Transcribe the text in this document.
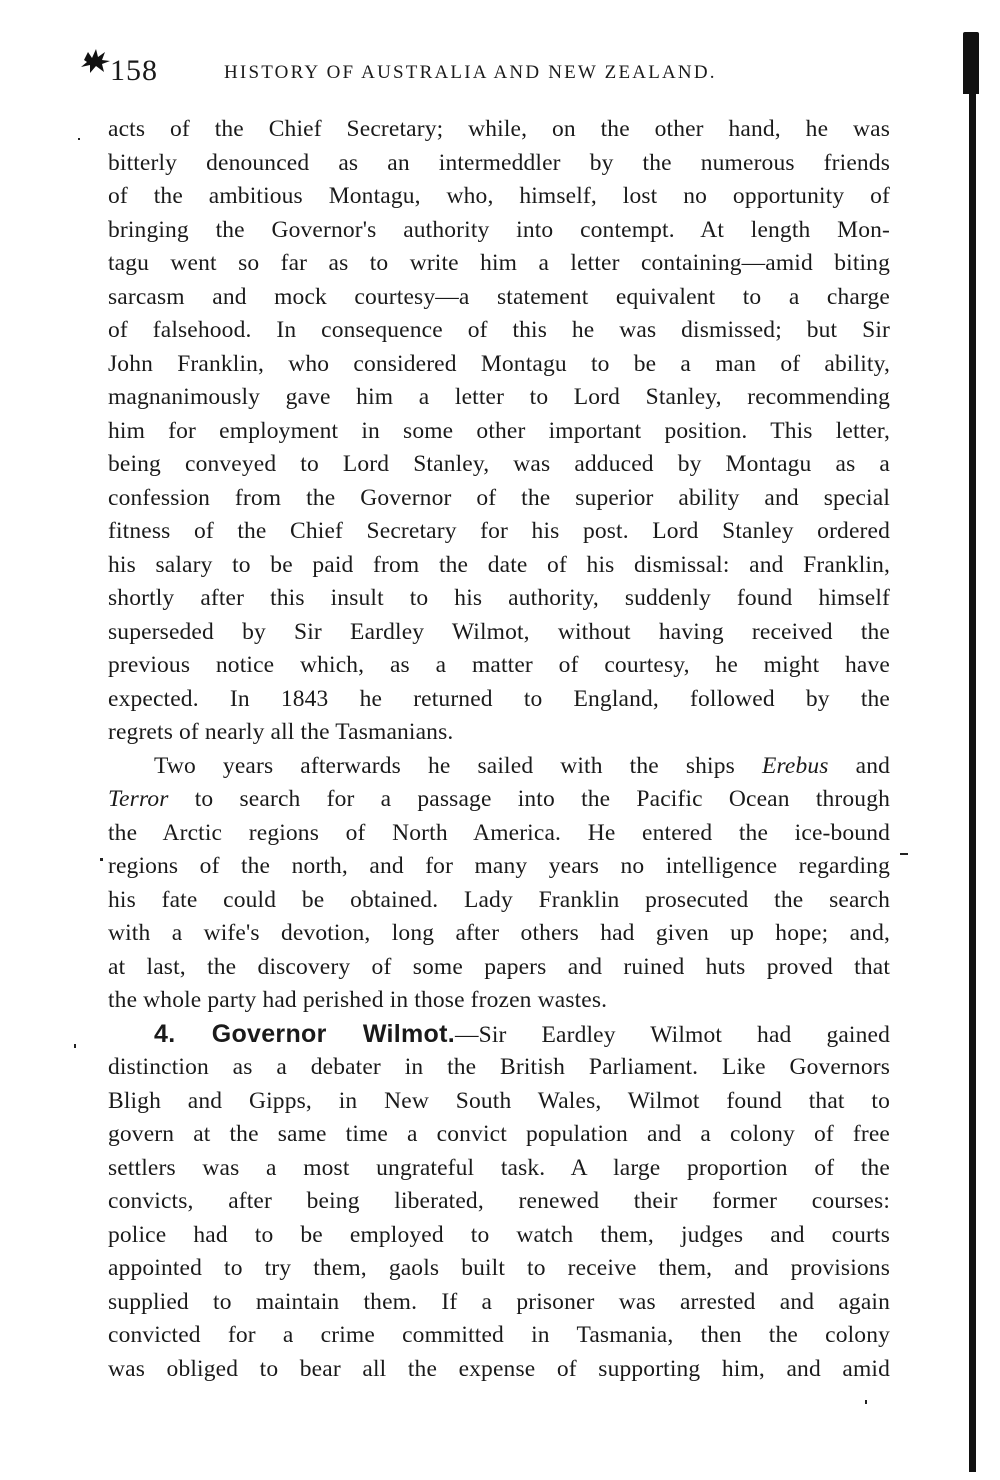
158	HISTORY OF AUSTRALIA AND NEW ZEALAND.
acts of the Chief Secretary; while, on the other hand, he was
bitterly denounced as an intermeddler by the numerous friends
of the ambitious Montagu, who, himself, lost no opportunity of
bringing the Governor's authority into contempt. At length Mon-
tagu went so far as to write him a letter containing—amid biting
sarcasm and mock courtesy—a statement equivalent to a charge
of falsehood. In consequence of this he was dismissed; but Sir
John Franklin, who considered Montagu to be a man of ability,
magnanimously gave him a letter to Lord Stanley, recommending
him for employment in some other important position. This letter,
being conveyed to Lord Stanley, was adduced by Montagu as a
confession from the Governor of the superior ability and special
fitness of the Chief Secretary for his post. Lord Stanley ordered
his salary to be paid from the date of his dismissal: and Franklin,
shortly after this insult to his authority, suddenly found himself
superseded by Sir Eardley Wilmot, without having received the
previous notice which, as a matter of courtesy, he might have
expected. In 1843 he returned to England, followed by the
regrets of nearly all the Tasmanians.
Two years afterwards he sailed with the ships Erebus and
Terror to search for a passage into the Pacific Ocean through
the Arctic regions of North America. He entered the ice-bound
regions of the north, and for many years no intelligence regarding
his fate could be obtained. Lady Franklin prosecuted the search
with a wife's devotion, long after others had given up hope; and,
at last, the discovery of some papers and ruined huts proved that
the whole party had perished in those frozen wastes.
4. Governor Wilmot.—Sir Eardley Wilmot had gained
distinction as a debater in the British Parliament. Like Governors
Bligh and Gipps, in New South Wales, Wilmot found that to
govern at the same time a convict population and a colony of free
settlers was a most ungrateful task. A large proportion of the
convicts, after being liberated, renewed their former courses:
police had to be employed to watch them, judges and courts
appointed to try them, gaols built to receive them, and provisions
supplied to maintain them. If a prisoner was arrested and again
convicted for a crime committed in Tasmania, then the colony
was obliged to bear all the expense of supporting him, and amid
